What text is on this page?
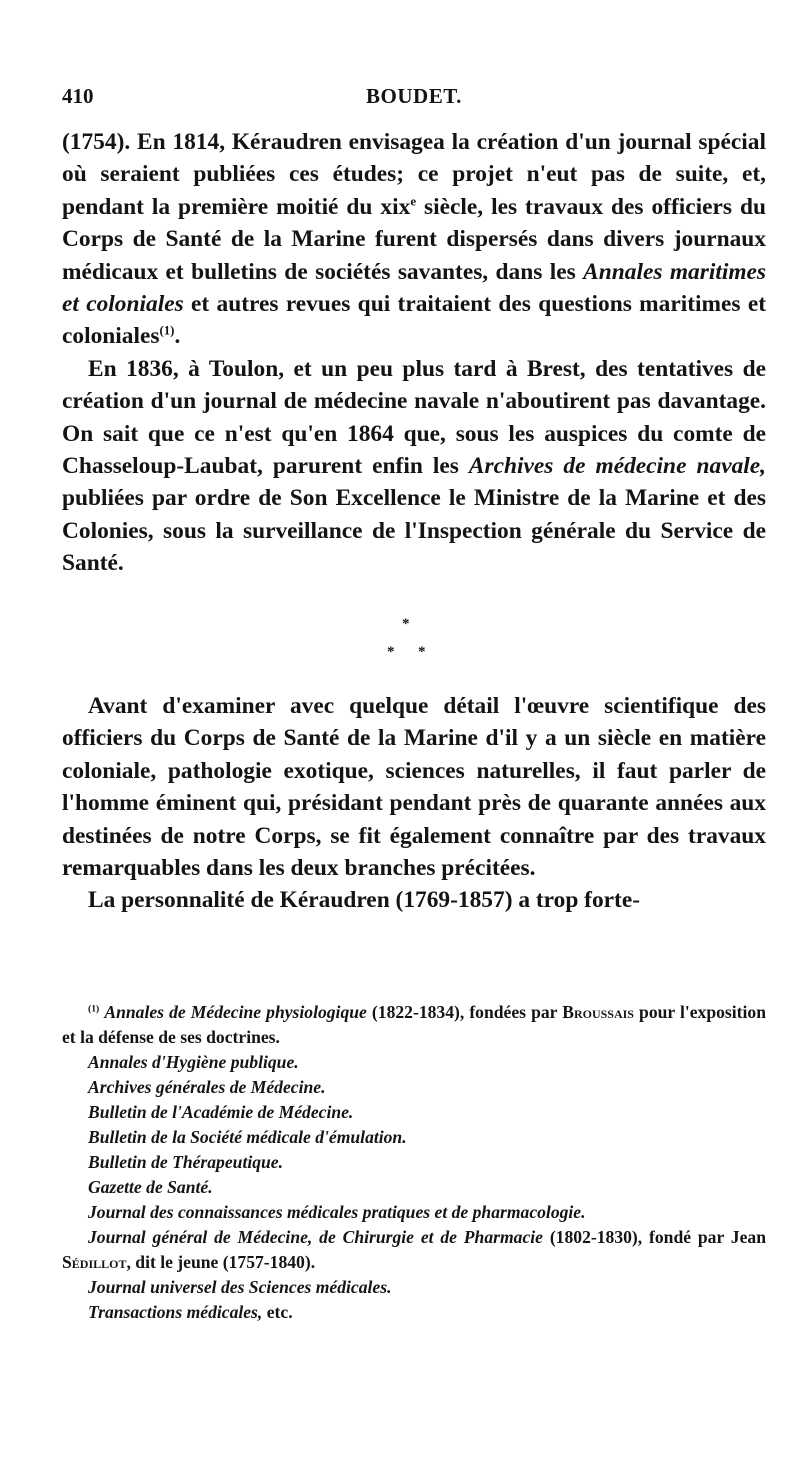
410	BOUDET.

(1754). En 1814, Kéraudren envisagea la création d'un journal spécial où seraient publiées ces études; ce projet n'eut pas de suite, et, pendant la première moitié du xix$^e$ siècle, les travaux des officiers du Corps de Santé de la Marine furent dispersés dans divers journaux médicaux et bulletins de sociétés savantes, dans les Annales maritimes et coloniales et autres revues qui traitaient des questions maritimes et coloniales$^{(1)}$.

En 1836, à Toulon, et un peu plus tard à Brest, des tentatives de création d'un journal de médecine navale n'aboutirent pas davantage. On sait que ce n'est qu'en 1864 que, sous les auspices du comte de Chasseloup-Laubat, parurent enfin les Archives de médecine navale, publiées par ordre de Son Excellence le Ministre de la Marine et des Colonies, sous la surveillance de l'Inspection générale du Service de Santé.

*
* *

Avant d'examiner avec quelque détail l'œuvre scientifique des officiers du Corps de Santé de la Marine d'il y a un siècle en matière coloniale, pathologie exotique, sciences naturelles, il faut parler de l'homme éminent qui, présidant pendant près de quarante années aux destinées de notre Corps, se fit également connaître par des travaux remarquables dans les deux branches précitées.

La personnalité de Kéraudren (1769-1857) a trop forte-

$^{(1)}$ Annales de Médecine physiologique (1822-1834), fondées par Broussais pour l'exposition et la défense de ses doctrines.

Annales d'Hygiène publique.

Archives générales de Médecine.

Bulletin de l'Académie de Médecine.

Bulletin de la Société médicale d'émulation.

Bulletin de Thérapeutique.

Gazette de Santé.

Journal des connaissances médicales pratiques et de pharmacologie.

Journal général de Médecine, de Chirurgie et de Pharmacie (1802-1830), fondé par Jean Sédillot, dit le jeune (1757-1840).

Journal universel des Sciences médicales.

Transactions médicales, etc.
